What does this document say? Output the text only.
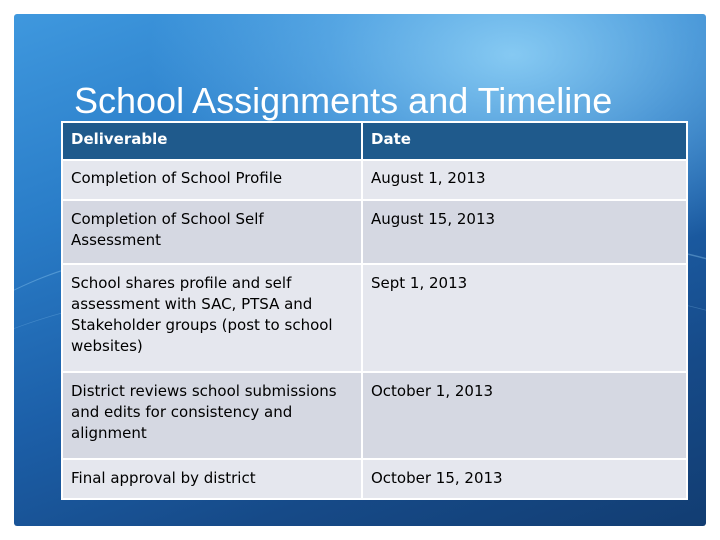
School Assignments and Timeline
Deliverable	Date
Completion of School Profile	August 1, 2013
Completion of School Self Assessment	August 15, 2013
School shares profile and self assessment with SAC, PTSA and Stakeholder groups (post to school websites)	Sept 1, 2013
District reviews school submissions and edits for consistency and alignment	October 1, 2013
Final approval by district	October 15, 2013
